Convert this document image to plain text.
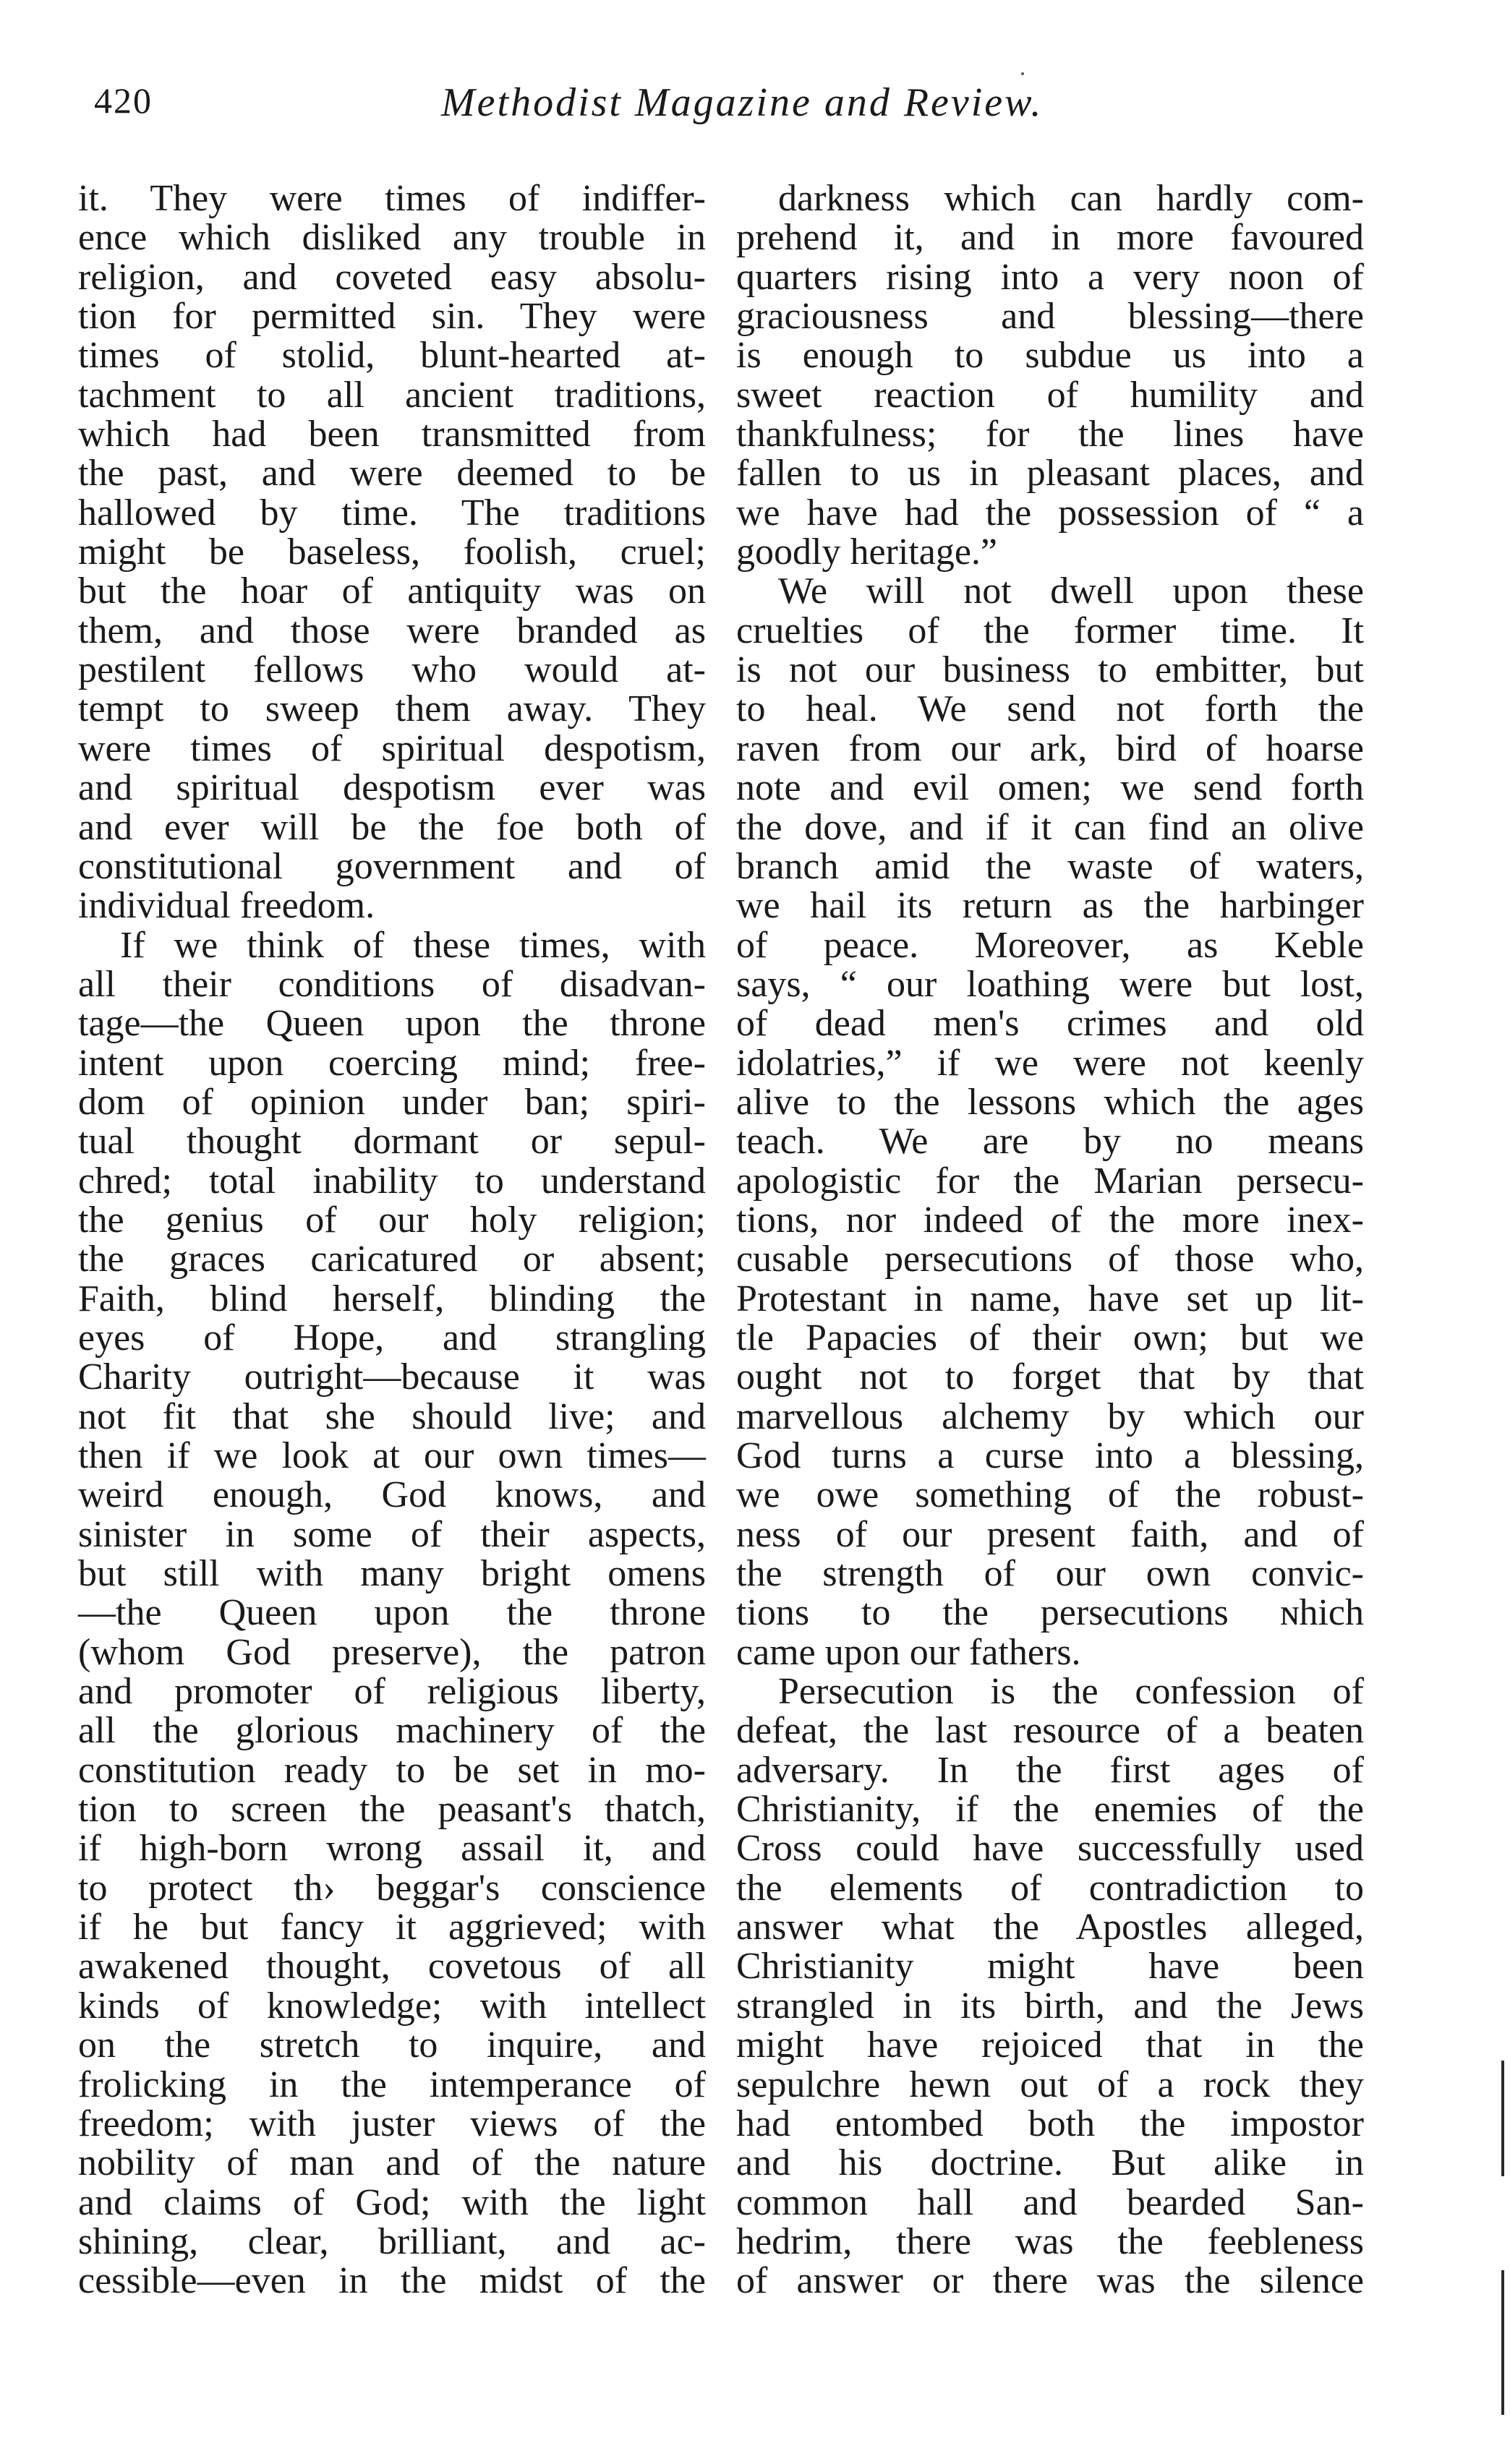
420	Methodist Magazine and Review.
it. They were times of indiffer-
ence which disliked any trouble in
religion, and coveted easy absolu-
tion for permitted sin. They were
times of stolid, blunt-hearted at-
tachment to all ancient traditions,
which had been transmitted from
the past, and were deemed to be
hallowed by time. The traditions
might be baseless, foolish, cruel;
but the hoar of antiquity was on
them, and those were branded as
pestilent fellows who would at-
tempt to sweep them away. They
were times of spiritual despotism,
and spiritual despotism ever was
and ever will be the foe both of
constitutional government and of
individual freedom.
If we think of these times, with
all their conditions of disadvan-
tage—the Queen upon the throne
intent upon coercing mind; free-
dom of opinion under ban; spiri-
tual thought dormant or sepul-
chred; total inability to understand
the genius of our holy religion;
the graces caricatured or absent;
Faith, blind herself, blinding the
eyes of Hope, and strangling
Charity outright—because it was
not fit that she should live; and
then if we look at our own times—
weird enough, God knows, and
sinister in some of their aspects,
but still with many bright omens
—the Queen upon the throne
(whom God preserve), the patron
and promoter of religious liberty,
all the glorious machinery of the
constitution ready to be set in mo-
tion to screen the peasant's thatch,
if high-born wrong assail it, and
to protect th› beggar's conscience
if he but fancy it aggrieved; with
awakened thought, covetous of all
kinds of knowledge; with intellect
on the stretch to inquire, and
frolicking in the intemperance of
freedom; with juster views of the
nobility of man and of the nature
and claims of God; with the light
shining, clear, brilliant, and ac-
cessible—even in the midst of the
darkness which can hardly com-
prehend it, and in more favoured
quarters rising into a very noon of
graciousness and blessing—there
is enough to subdue us into a
sweet reaction of humility and
thankfulness; for the lines have
fallen to us in pleasant places, and
we have had the possession of “ a
goodly heritage.”
We will not dwell upon these
cruelties of the former time. It
is not our business to embitter, but
to heal. We send not forth the
raven from our ark, bird of hoarse
note and evil omen; we send forth
the dove, and if it can find an olive
branch amid the waste of waters,
we hail its return as the harbinger
of peace. Moreover, as Keble
says, “ our loathing were but lost,
of dead men's crimes and old
idolatries,” if we were not keenly
alive to the lessons which the ages
teach. We are by no means
apologistic for the Marian persecu-
tions, nor indeed of the more inex-
cusable persecutions of those who,
Protestant in name, have set up lit-
tle Papacies of their own; but we
ought not to forget that by that
marvellous alchemy by which our
God turns a curse into a blessing,
we owe something of the robust-
ness of our present faith, and of
the strength of our own convic-
tions to the persecutions ɴhich
came upon our fathers.
Persecution is the confession of
defeat, the last resource of a beaten
adversary. In the first ages of
Christianity, if the enemies of the
Cross could have successfully used
the elements of contradiction to
answer what the Apostles alleged,
Christianity might have been
strangled in its birth, and the Jews
might have rejoiced that in the
sepulchre hewn out of a rock they
had entombed both the impostor
and his doctrine. But alike in
common hall and bearded San-
hedrim, there was the feebleness
of answer or there was the silence
